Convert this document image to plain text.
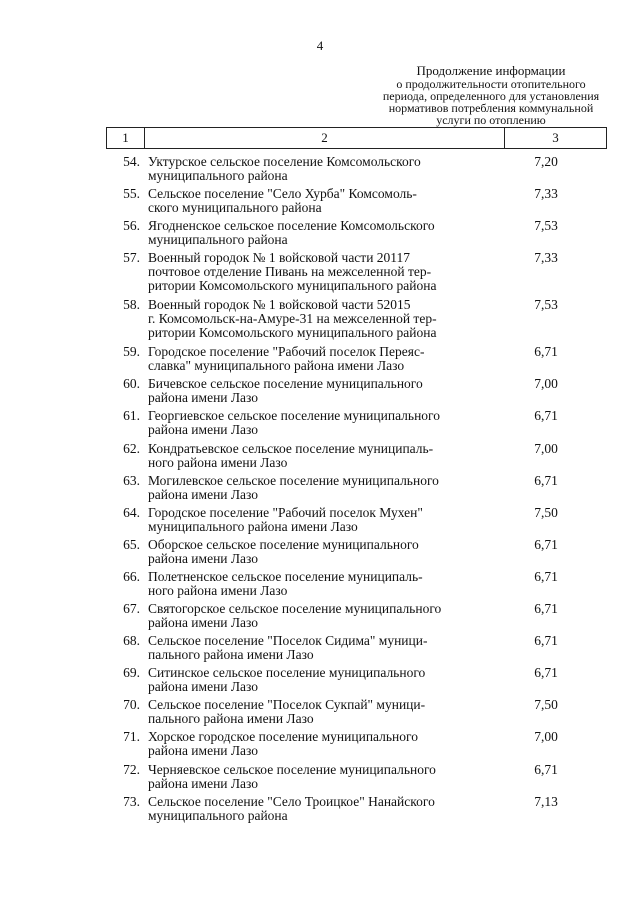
4
Продолжение информации
о продолжительности отопительного
периода, определенного для установления
нормативов потребления коммунальной
услуги по отоплению
1	2	3
54. Уктурское сельское поселение Комсомольского
муниципального района
7,20
55. Сельское поселение "Село Хурба" Комсомоль-
ского муниципального района
7,33
56. Ягодненское сельское поселение Комсомольского
муниципального района
7,53
57. Военный городок № 1 войсковой части 20117
почтовое отделение Пивань на межселенной тер-
ритории Комсомольского муниципального района
7,33
58. Военный городок № 1 войсковой части 52015
г. Комсомольск-на-Амуре-31 на межселенной тер-
ритории Комсомольского муниципального района
7,53
59. Городское поселение "Рабочий поселок Переяс-
славка" муниципального района имени Лазо
6,71
60. Бичевское сельское поселение муниципального
района имени Лазо
7,00
61. Георгиевское сельское поселение муниципального
района имени Лазо
6,71
62. Кондратьевское сельское поселение муниципаль-
ного района имени Лазо
7,00
63. Могилевское сельское поселение муниципального
района имени Лазо
6,71
64. Городское поселение "Рабочий поселок Мухен"
муниципального района имени Лазо
7,50
65. Оборское сельское поселение муниципального
района имени Лазо
6,71
66. Полетненское сельское поселение муниципаль-
ного района имени Лазо
6,71
67. Святогорское сельское поселение муниципального
района имени Лазо
6,71
68. Сельское поселение "Поселок Сидима" муници-
пального района имени Лазо
6,71
69. Ситинское сельское поселение муниципального
района имени Лазо
6,71
70. Сельское поселение "Поселок Сукпай" муници-
пального района имени Лазо
7,50
71. Хорское городское поселение муниципального
района имени Лазо
7,00
72. Черняевское сельское поселение муниципального
района имени Лазо
6,71
73. Сельское поселение "Село Троицкое" Нанайского
муниципального района
7,13
